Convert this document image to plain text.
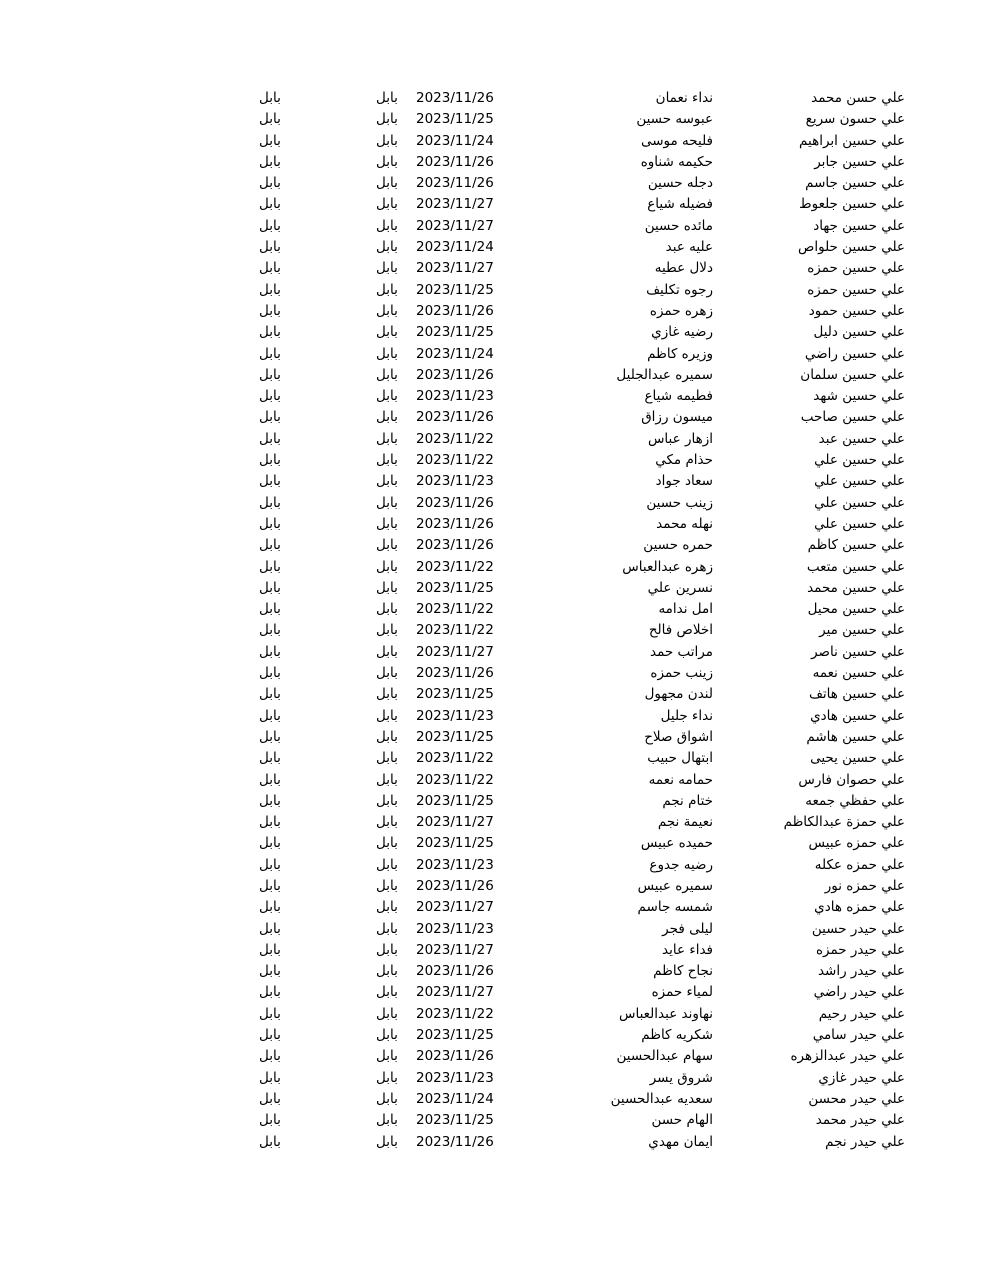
علي حسن محمد
نداء نعمان
2023/11/26
بابل
بابل
علي حسون سريع
عبوسه حسين
2023/11/25
بابل
بابل
علي حسين ابراهيم
فليحه موسى
2023/11/24
بابل
بابل
علي حسين جابر
حكيمه شناوه
2023/11/26
بابل
بابل
علي حسين جاسم
دجله حسين
2023/11/26
بابل
بابل
علي حسين جلعوط
فضيله شياع
2023/11/27
بابل
بابل
علي حسين جهاد
مائده حسين
2023/11/27
بابل
بابل
علي حسين حلواص
عليه عبد
2023/11/24
بابل
بابل
علي حسين حمزه
دلال عطيه
2023/11/27
بابل
بابل
علي حسين حمزه
رجوه تكليف
2023/11/25
بابل
بابل
علي حسين حمود
زهره حمزه
2023/11/26
بابل
بابل
علي حسين دليل
رضيه غازي
2023/11/25
بابل
بابل
علي حسين راضي
وزيره كاظم
2023/11/24
بابل
بابل
علي حسين سلمان
سميره عبدالجليل
2023/11/26
بابل
بابل
علي حسين شهد
فطيمه شياع
2023/11/23
بابل
بابل
علي حسين صاحب
ميسون رزاق
2023/11/26
بابل
بابل
علي حسين عبد
ازهار عباس
2023/11/22
بابل
بابل
علي حسين علي
حذام مكي
2023/11/22
بابل
بابل
علي حسين علي
سعاد جواد
2023/11/23
بابل
بابل
علي حسين علي
زينب حسين
2023/11/26
بابل
بابل
علي حسين علي
نهله محمد
2023/11/26
بابل
بابل
علي حسين كاظم
حمره حسين
2023/11/26
بابل
بابل
علي حسين متعب
زهره عبدالعباس
2023/11/22
بابل
بابل
علي حسين محمد
نسرين علي
2023/11/25
بابل
بابل
علي حسين محيل
امل ندامه
2023/11/22
بابل
بابل
علي حسين مير
اخلاص فالح
2023/11/22
بابل
بابل
علي حسين ناصر
مراتب حمد
2023/11/27
بابل
بابل
علي حسين نعمه
زينب حمزه
2023/11/26
بابل
بابل
علي حسين هاتف
لندن مجهول
2023/11/25
بابل
بابل
علي حسين هادي
نداء جليل
2023/11/23
بابل
بابل
علي حسين هاشم
اشواق صلاح
2023/11/25
بابل
بابل
علي حسين يحيى
ابتهال حبيب
2023/11/22
بابل
بابل
علي حصوان فارس
حمامه نعمه
2023/11/22
بابل
بابل
علي حفظي جمعه
ختام نجم
2023/11/25
بابل
بابل
علي حمزة عبدالكاظم
نعيمة نجم
2023/11/27
بابل
بابل
علي حمزه عبيس
حميده عبيس
2023/11/25
بابل
بابل
علي حمزه عكله
رضيه جدوع
2023/11/23
بابل
بابل
علي حمزه نور
سميره عبيس
2023/11/26
بابل
بابل
علي حمزه هادي
شمسه جاسم
2023/11/27
بابل
بابل
علي حيدر حسين
ليلى فجر
2023/11/23
بابل
بابل
علي حيدر حمزه
فداء عايد
2023/11/27
بابل
بابل
علي حيدر راشد
نجاح كاظم
2023/11/26
بابل
بابل
علي حيدر راضي
لمياء حمزه
2023/11/27
بابل
بابل
علي حيدر رحيم
نهاوند عبدالعباس
2023/11/22
بابل
بابل
علي حيدر سامي
شكريه كاظم
2023/11/25
بابل
بابل
علي حيدر عبدالزهره
سهام عبدالحسين
2023/11/26
بابل
بابل
علي حيدر غازي
شروق يسر
2023/11/23
بابل
بابل
علي حيدر محسن
سعديه عبدالحسين
2023/11/24
بابل
بابل
علي حيدر محمد
الهام حسن
2023/11/25
بابل
بابل
علي حيدر نجم
ايمان مهدي
2023/11/26
بابل
بابل
